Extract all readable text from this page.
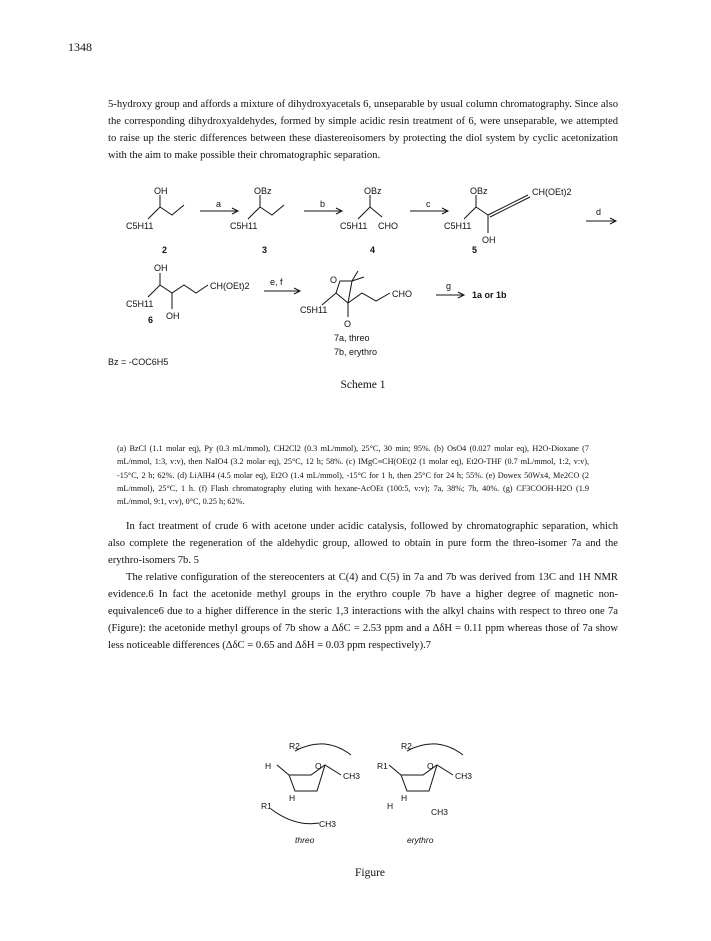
1348

5-hydroxy group and affords a mixture of dihydroxyacetals 6, unseparable by usual column chromatography. Since also the corresponding dihydroxyaldehydes, formed by simple acidic resin treatment of 6, were unseparable, we attempted to raise up the steric differences between these diastereoisomers by protecting the diol system by cyclic acetonization with the aim to make possible their chromatographic separation.

OH
C5H11
OBz
C5H11
OBz
C5H11 CHO
OBz
C5H11
OH
CH(OEt)2
a	b	c
d
2	3	4	5
OH
C5H11
CH(OEt)2
OH
6
e, f	O
O
C5H11
CHO
g
1a or 1b
7a, threo
7b, erythro
Bz = -COC6H5
Scheme 1
(a) BzCl (1.1 molar eq), Py (0.3 mL/mmol), CH2Cl2 (0.3 mL/mmol), 25°C, 30 min; 95%. (b) OsO4 (0.027 molar eq), H2O-Dioxane (7 mL/mmol, 1:3, v:v), then NaIO4 (3.2 molar eq), 25°C, 12 h; 58%. (c) IMgC≡CH(OEt)2 (1 molar eq), Et2O-THF (0.7 mL/mmol, 1:2, v:v), -15°C, 2 h; 62%. (d) LiAlH4 (4.5 molar eq), Et2O (1.4 mL/mmol), -15°C for 1 h, then 25°C for 24 h; 55%. (e) Dowex 50Wx4, Me2CO (2 mL/mmol), 25°C, 1 h. (f) Flash chromatography eluting with hexane-AcOEt (100:5, v:v); 7a, 38%; 7b, 40%. (g) CF3COOH-H2O (1.9 mL/mmol, 9:1, v:v), 0°C, 0.25 h; 62%.

In fact treatment of crude 6 with acetone under acidic catalysis, followed by chromatographic separation, which also complete the regeneration of the aldehydic group, allowed to obtain in pure form the threo-isomer 7a and the erythro-isomers 7b. 5

The relative configuration of the stereocenters at C(4) and C(5) in 7a and 7b was derived from 13C and 1H NMR evidence.6 In fact the acetonide methyl groups in the erythro couple 7b have a higher degree of magnetic non-equivalence6 due to a higher difference in the steric 1,3 interactions with the alkyl chains with respect to threo one 7a (Figure): the acetonide methyl groups of 7b show a ΔδC = 2.53 ppm and a ΔδH = 0.11 ppm whereas those of 7a show less noticeable differences (ΔδC = 0.65 and ΔδH = 0.03 ppm respectively).7

R2
H	O
CH3
H
R1
CH3
threo
R2
R1	O
CH3
H
H
CH3
erythro
Figure
